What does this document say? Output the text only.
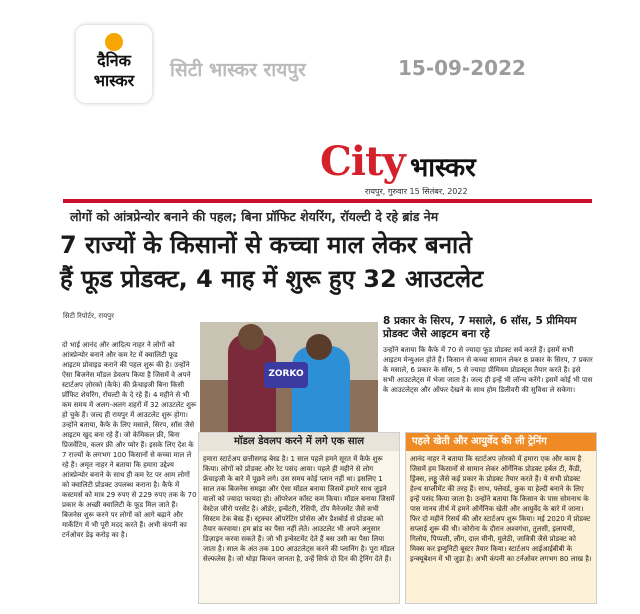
दैनिक
भास्कर	सिटी भास्कर रायपुर	15-09-2022
City भास्कर
रायपुर, गुरुवार 15 सितंबर, 2022
लोगों को आंत्रप्रेन्योर बनाने की पहल; बिना प्रॉफिट शेयरिंग, रॉयल्टी दे रहे ब्रांड नेम
7 राज्यों के किसानों से कच्चा माल लेकर बनाते
हैं फूड प्रोडक्ट, 4 माह में शुरू हुए 32 आउटलेट
सिटी रिपोर्टर, रायपुर
दो भाई आनंद और आदित्य नाहर ने लोगों को आंत्रप्रेन्योर बनाने और कम रेट में क्वालिटी फूड आइटम प्रोवाइड कराने की पहल शुरू की है। उन्होंने ऐसा बिजनेस मॉडल डेवलप किया है जिसमें वे अपने स्टार्टअप ज़ोरको (कैफे) की फ्रेंचाइजी बिना किसी प्रॉफिट शेयरिंग, रॉयल्टी के दे रहे हैं। 4 महीने से भी कम समय में अलग-अलग शहरों में 32 आउटलेट शुरू हो चुके हैं। जल्द ही रायपुर में आउटलेट शुरू होगा। उन्होंने बताया, कैफे के लिए मसाले, सिरप, सॉस जैसे आइटम खुद बना रहे हैं। जो केमिकल फ्री, बिना प्रिजर्वेटिव, कलर फ्री और प्योर हैं। इसके लिए देश के 7 राज्यों के लगभग 100 किसानों से कच्चा माल ले रहे हैं। अमृत नाहर ने बताया कि हमारा उद्देश्य आंत्रप्रेन्योर बनाने के साथ ही कम रेट पर आम लोगों को क्वालिटी प्रोडक्ट उपलब्ध कराना है। कैफे में कस्टमर्स को मात्र 29 रुपए से 229 रुपए तक के 70 प्रकार के अच्छी क्वालिटी के फूड मिल जाते हैं। बिजनेस शुरू करने पर लोगों को आगे बढ़ाने और मार्केटिंग में भी पूरी मदद करते हैं। अभी कंपनी का टर्नओवर डेढ़ करोड़ का है।
ZORKO
8 प्रकार के सिरप, 7 मसाले, 6 सॉस, 5 प्रीमियम प्रोडक्ट जैसे आइटम बना रहे
उन्होंने बताया कि कैफे में 70 से ज्यादा फूड प्रोडक्ट सर्व करते हैं। इसमें सभी आइटम मेन्युअल होते हैं। किसान से कच्चा सामान लेकर 8 प्रकार के सिरप, 7 प्रकार के मसाले, 6 प्रकार के सॉस, 5 से ज्यादा प्रीमियम प्रोडक्ट्स तैयार करते हैं। इसे सभी आउटलेट्स में भेजा जाता है। जल्द ही इन्हें भी लॉन्च करेंगे। इसमें कोई भी पास के आउटलेट्स और ऑफर देखने के साथ होम डिलीवरी की सुविधा ले सकेगा।
मॉडल डेवलप करने में लगे एक साल
हमारा स्टार्टअप छत्तीसगढ़ बेस्ड है। 1 साल पहले हमने सूरत में कैफे शुरू किया। लोगों को प्रोडक्ट और रेट पसंद आया। पहले ही महीने से लोग फ्रेंचाइजी के बारे में पूछने लगे। उस समय कोई प्लान नहीं था। इसलिए 1 साल तक बिजनेस समझा और ऐसा मॉडल बनाया जिसमें हमारे साथ जुड़ने वालों को ज्यादा फायदा हो। ऑपरेशन कॉस्ट कम किया। मॉडल बनाया जिसमें वेस्टेज जीरो परसेंट है। ऑर्डर, इन्वेंटरी, रेसिपी, टॉप मैनेजमेंट जैसे सभी सिस्टम टेक बेस्ड हैं। स्ट्रक्चर ऑपरेटिंग प्रोसेस और डैशबोर्ड से प्रोडक्ट को तैयार करवाया। हम ब्रांड का पैसा नहीं लेते। आउटलेट भी अपने अनुसार डिज़ाइन करवा सकते हैं। जो भी इन्वेस्टमेंट देते हैं बस उसी का पैसा लिया जाता है। साल के अंत तक 100 आउटलेट्स करने की प्लानिंग है। पूरा मॉडल सेल्फलेस है। जो थोड़ा किचन जानता है, उन्हें सिर्फ दो दिन की ट्रेनिंग देते हैं।
पहले खेती और आयुर्वेद की ली ट्रेनिंग
आनंद नाहर ने बताया कि स्टार्टअप ज़ोरको में हमारा एक और काम है जिसमें हम किसानों से सामान लेकर ऑर्गेनिक प्रोडक्ट हर्बल टी, कैंडी, ड्रिंक्स, लड्डू जैसे कई प्रकार के प्रोडक्ट तैयार करते हैं। ये सभी प्रोडक्ट हेल्थ सप्लीमेंट की तरह हैं। साथ, फ्लेवर्ड, कुक या हेल्दी बनाने के लिए इन्हें पसंद किया जाता है। उन्होंने बताया कि किसान के पास सोमनाथ के पास मानव तीर्थ में हमने ऑर्गेनिक खेती और आयुर्वेद के बारे में जाना। फिर दो महीने रिसर्च की और स्टार्टअप शुरू किया। मई 2020 में प्रोडक्ट सप्लाई शुरू की थी। कोरोना के दौरान अश्वगंधा, तुलसी, इलायची, गिलोय, पिप्पली, लौंग, दाल चीनी, मुलेठी, जावित्री जैसे प्रोडक्ट को मिक्स कर इम्युनिटी बूस्टर तैयार किया। स्टार्टअप आईआईबीबी के इन्क्यूबेशन में भी जुड़ा है। अभी कंपनी का टर्नओवर लगभग 80 लाख है।
